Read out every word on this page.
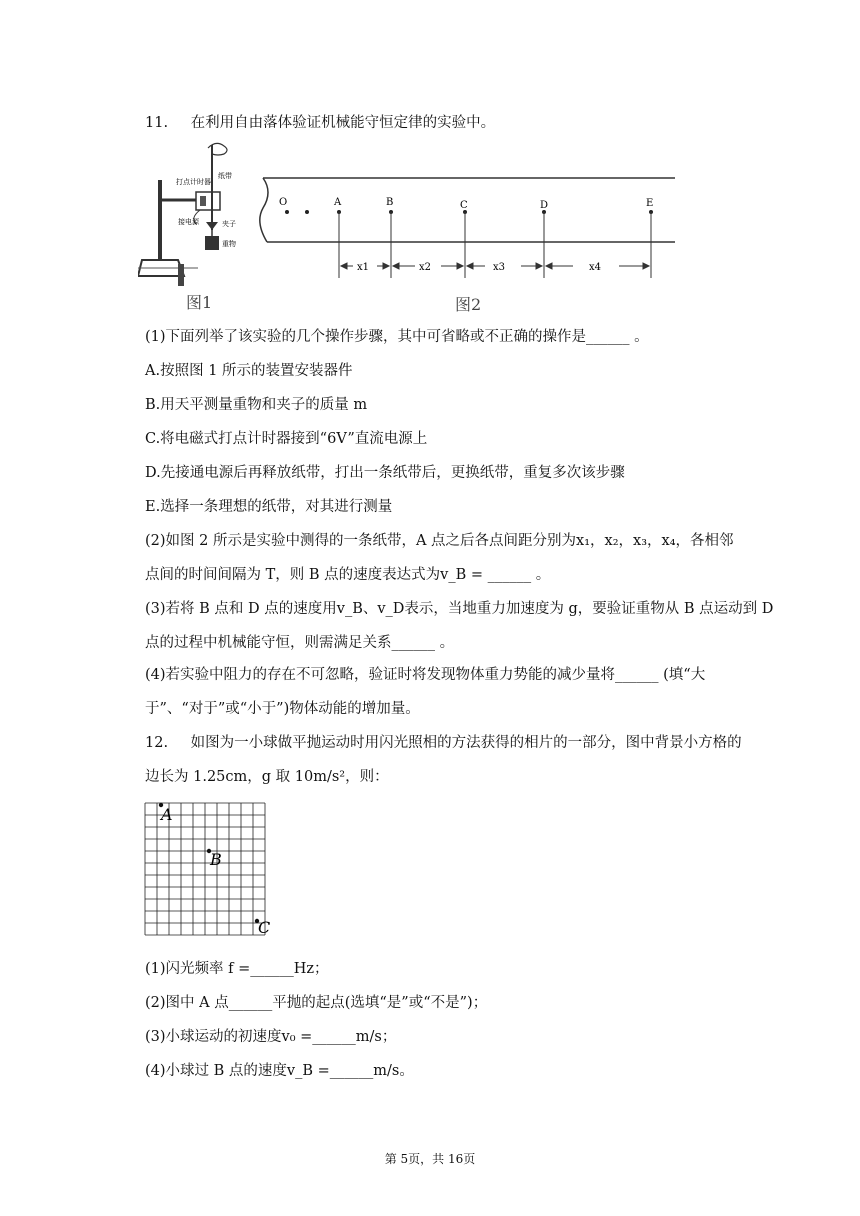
11. 在利用自由落体验证机械能守恒定律的实验中。
打点计时器
纸带
接电源	夹子
重物
图1
O	A	B	C	D	E
x1	x2	x3	x4
图2
(1)下面列举了该实验的几个操作步骤，其中可省略或不正确的操作是______ 。
A.按照图 1 所示的装置安装器件
B.用天平测量重物和夹子的质量 m
C.将电磁式打点计时器接到“6V”直流电源上
D.先接通电源后再释放纸带，打出一条纸带后，更换纸带，重复多次该步骤
E.选择一条理想的纸带，对其进行测量
(2)如图 2 所示是实验中测得的一条纸带，A 点之后各点间距分别为x₁，x₂，x₃，x₄，各相邻
点间的时间间隔为 T，则 B 点的速度表达式为v_B = ______ 。
(3)若将 B 点和 D 点的速度用v_B、v_D表示，当地重力加速度为 g，要验证重物从 B 点运动到 D
点的过程中机械能守恒，则需满足关系______ 。
(4)若实验中阻力的存在不可忽略，验证时将发现物体重力势能的减少量将______ (填“大
于”、“对于”或“小于”)物体动能的增加量。
12. 如图为一小球做平抛运动时用闪光照相的方法获得的相片的一部分，图中背景小方格的
边长为 1.25cm，g 取 10m/s²，则：
A
B
C
(1)闪光频率 f =______Hz；
(2)图中 A 点______平抛的起点(选填“是”或“不是”)；
(3)小球运动的初速度v₀ =______m/s；
(4)小球过 B 点的速度v_B =______m/s。
第 5页，共 16页
